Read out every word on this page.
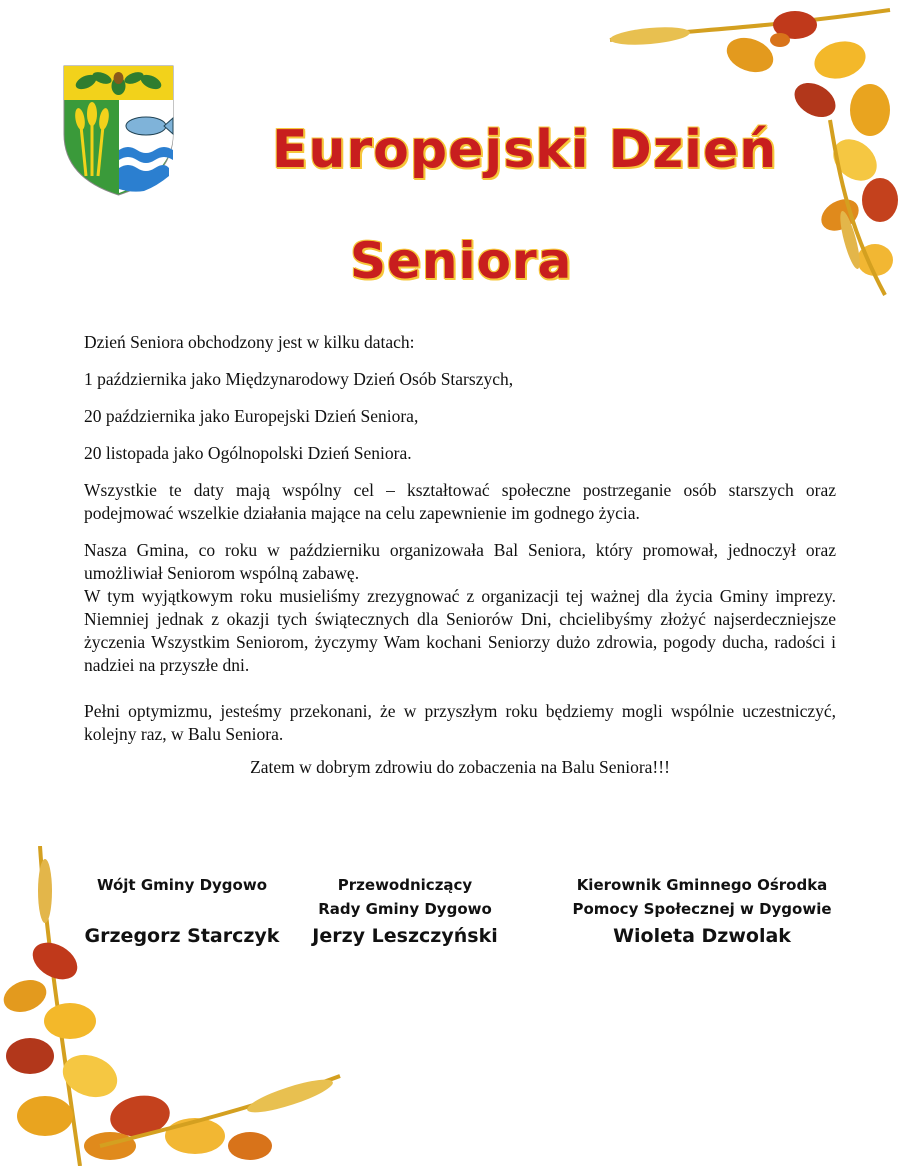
Europejski Dzień
Seniora

Dzień Seniora obchodzony jest w kilku datach:

1 października jako Międzynarodowy Dzień Osób Starszych,

20 października jako Europejski Dzień Seniora,

20 listopada jako Ogólnopolski Dzień Seniora.

Wszystkie te daty mają wspólny cel – kształtować społeczne postrzeganie osób starszych oraz podejmować wszelkie działania mające na celu zapewnienie im godnego życia.

Nasza Gmina, co roku w październiku organizowała Bal Seniora, który promował, jednoczył oraz umożliwiał Seniorom wspólną zabawę.

W tym wyjątkowym roku musieliśmy zrezygnować z organizacji tej ważnej dla życia Gminy imprezy. Niemniej jednak z okazji tych świątecznych dla Seniorów Dni, chcielibyśmy złożyć najserdeczniejsze życzenia Wszystkim Seniorom, życzymy Wam kochani Seniorzy dużo zdrowia, pogody ducha, radości i nadziei na przyszłe dni.

Pełni optymizmu, jesteśmy przekonani, że w przyszłym roku będziemy mogli wspólnie uczestniczyć, kolejny raz, w Balu Seniora.

Zatem w dobrym zdrowiu do zobaczenia na Balu Seniora!!!

Wójt Gminy Dygowo

Grzegorz Starczyk
Przewodniczący
Rady Gminy Dygowo
Jerzy Leszczyński
Kierownik Gminnego Ośrodka
Pomocy Społecznej w Dygowie
Wioleta Dzwolak
